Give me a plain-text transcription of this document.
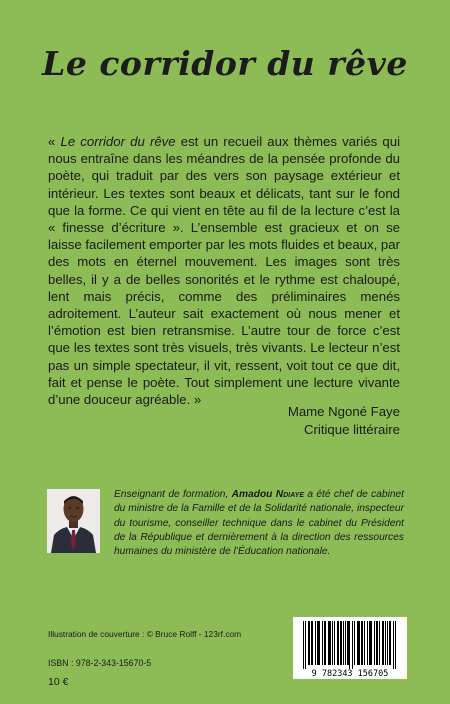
Le corridor du rêve

« Le corridor du rêve est un recueil aux thèmes variés qui nous entraîne dans les méandres de la pensée profonde du poète, qui traduit par des vers son paysage extérieur et intérieur. Les textes sont beaux et délicats, tant sur le fond que la forme. Ce qui vient en tête au fil de la lecture c’est la « finesse d’écriture ». L’ensemble est gracieux et on se laisse facilement emporter par les mots fluides et beaux, par des mots en éternel mouvement. Les images sont très belles, il y a de belles sonorités et le rythme est chaloupé, lent mais précis, comme des préliminaires menés adroitement. L’auteur sait exactement où nous mener et l’émotion est bien retransmise. L’autre tour de force c’est que les textes sont très visuels, très vivants. Le lecteur n’est pas un simple spectateur, il vit, ressent, voit tout ce que dit, fait et pense le poète. Tout simplement une lecture vivante d’une douceur agréable. »

Mame Ngoné Faye
Critique littéraire
Enseignant de formation, Amadou Ndiaye a été chef de cabinet du ministre de la Famille et de la Solidarité nationale, inspecteur du tourisme, conseiller technique dans le cabinet du Président de la République et dernièrement à la direction des ressources humaines du ministère de l’Éducation nationale.
Illustration de couverture : © Bruce Rolff - 123rf.com
ISBN : 978-2-343-15670-5
10 €
9 782343 156705
